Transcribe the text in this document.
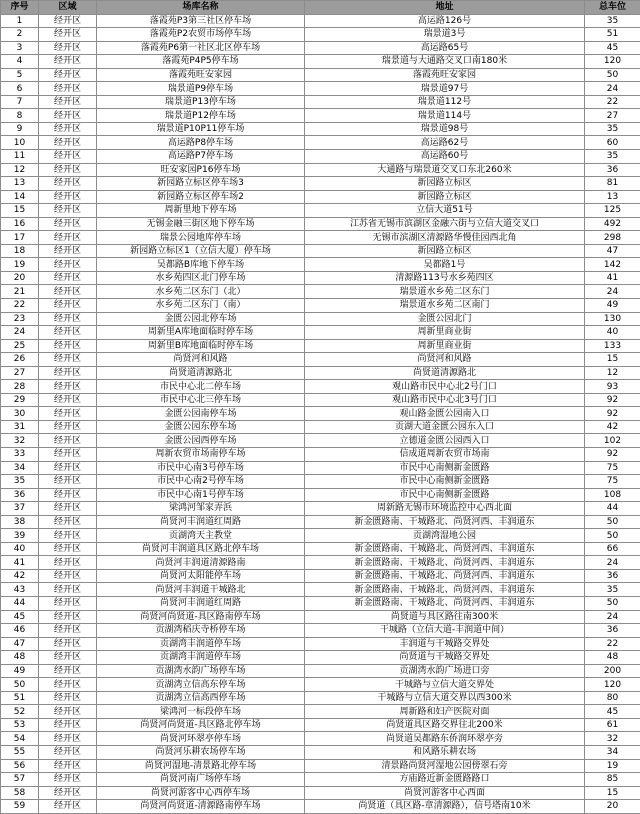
序号	区域	场库名称	地址	总车位
1	经开区	落霞苑P3第三社区停车场	高运路126号	35
2	经开区	落霞苑P2农贸市场停车场	瑞景道3号	51
3	经开区	落霞苑P6第一社区北区停车场	高运路65号	45
4	经开区	落霞苑P4P5停车场	瑞景道与大通路交叉口南180米	120
5	经开区	落霞苑旺安家园	落霞苑旺安家园	50
6	经开区	瑞景道P9停车场	瑞景道97号	24
7	经开区	瑞景道P13停车场	瑞景道112号	22
8	经开区	瑞景道P12停车场	瑞景道114号	27
9	经开区	瑞景道P10P11停车场	瑞景道98号	35
10	经开区	高运路P8停车场	高运路62号	60
11	经开区	高运路P7停车场	高运路60号	35
12	经开区	旺安家园P16停车场	大通路与瑞景道交叉口东北260米	36
13	经开区	新园路立标区停车场3	新园路立标区	81
14	经开区	新园路立标区停车场2	新园路立标区	13
15	经开区	周新里地下停车场	立信大道51号	125
16	经开区	无锡金融三街区地下停车场	江苏省无锡市滨湖区金融六街与立信大道交叉口	492
17	经开区	瑞景公园地库停车场	无锡市滨湖区清源路华慢佳园西北角	298
18	经开区	新园路立标区1（立信大厦）停车场	新园路立标区	47
19	经开区	吴都路B库地下停车场	吴都路1号	142
20	经开区	水乡苑四区北门停车场	清源路113号水乡苑四区	41
21	经开区	水乡苑二区东门（北）	瑞景道水乡苑二区东门	24
22	经开区	水乡苑二区东门（南）	瑞景道水乡苑二区南门	49
23	经开区	金匮公园北停车场	金匮公园北门	130
24	经开区	周新里A库地面临时停车场	周新里商业街	40
25	经开区	周新里B库地面临时停车场	周新里商业街	133
26	经开区	尚贤河和风路	尚贤河和风路	15
27	经开区	尚贤道清源路北	尚贤道清源路北	12
28	经开区	市民中心北二停车场	观山路市民中心北2号门口	93
29	经开区	市民中心北三停车场	观山路市民中心北3号门口	92
30	经开区	金匮公园南停车场	观山路金匮公园南入口	92
31	经开区	金匮公园东停车场	贡湖大道金匮公园东入口	42
32	经开区	金匮公园西停车场	立德道金匮公园西入口	102
33	经开区	周新农贸市场南停车场	信成道周新农贸市场南	92
34	经开区	市民中心南3号停车场	市民中心南侧新金匮路	75
35	经开区	市民中心南2号停车场	市民中心南侧新金匮路	75
36	经开区	市民中心南1号停车场	市民中心南侧新金匮路	108
37	经开区	梁鸿河邹家弄浜	周新路无锡市环境监控中心西北面	44
38	经开区	尚贤河丰润道红周路	新金匮路南、干城路北、尚贤河西、丰润道东	50
39	经开区	贡湖湾天主教堂	贡湖湾湿地公园	50
40	经开区	尚贤河丰润道具区路北停车场	新金匮路南、干城路北、尚贤河西、丰润道东	66
41	经开区	尚贤河丰润道清源路南	新金匮路南、干城路北、尚贤河西、丰润道东	24
42	经开区	尚贤河太阳能停车场	新金匮路南、干城路北、尚贤河西、丰润道东	36
43	经开区	尚贤河丰润道干城路北	新金匮路南、干城路北、尚贤河西、丰润道东	35
44	经开区	尚贤河丰润道红周路	新金匮路南、干城路北、尚贤河西、丰润道东	50
45	经开区	尚贤河尚贤道-具区路南停车场	尚贤道与具区路往南300米	24
46	经开区	贡湖湾稻庆寺桥停车场	干城路（立信大道-丰润道中间）	36
47	经开区	贡湖湾丰润道停车场	丰润道与干城路交界处	22
48	经开区	贡湖湾丰润道停车场	尚贤道与干城路交界处	48
49	经开区	贡湖湾水韵广场停车场	贡湖湾水韵广场进口旁	200
50	经开区	贡湖湾立信高东停车场	干城路与立信大道交界处	120
51	经开区	贡湖湾立信高西停车场	干城路与立信大道交界以西300米	80
52	经开区	梁鸿河一标段停车场	周新路和妇产医院对面	45
53	经开区	尚贤河尚贤道-具区路北停车场	尚贤道具区路交界往北200米	61
54	经开区	尚贤河环翠亭停车场	尚贤道吴都路东侨润环翠亭旁	32
55	经开区	尚贤河乐耕农场停车场	和风路乐耕农场	34
56	经开区	尚贤河湿地-清景路北停车场	清景路尚贤河湿地公园傍翠石旁	19
57	经开区	尚贤河南广场停车场	方庙路近新金匮路路口	85
58	经开区	尚贤河游客中心西停车场	尚贤河游客中心西面	15
59	经开区	尚贤河尚贤道-清源路南停车场	尚贤道（具区路-章清源路），信号塔南10米	20
